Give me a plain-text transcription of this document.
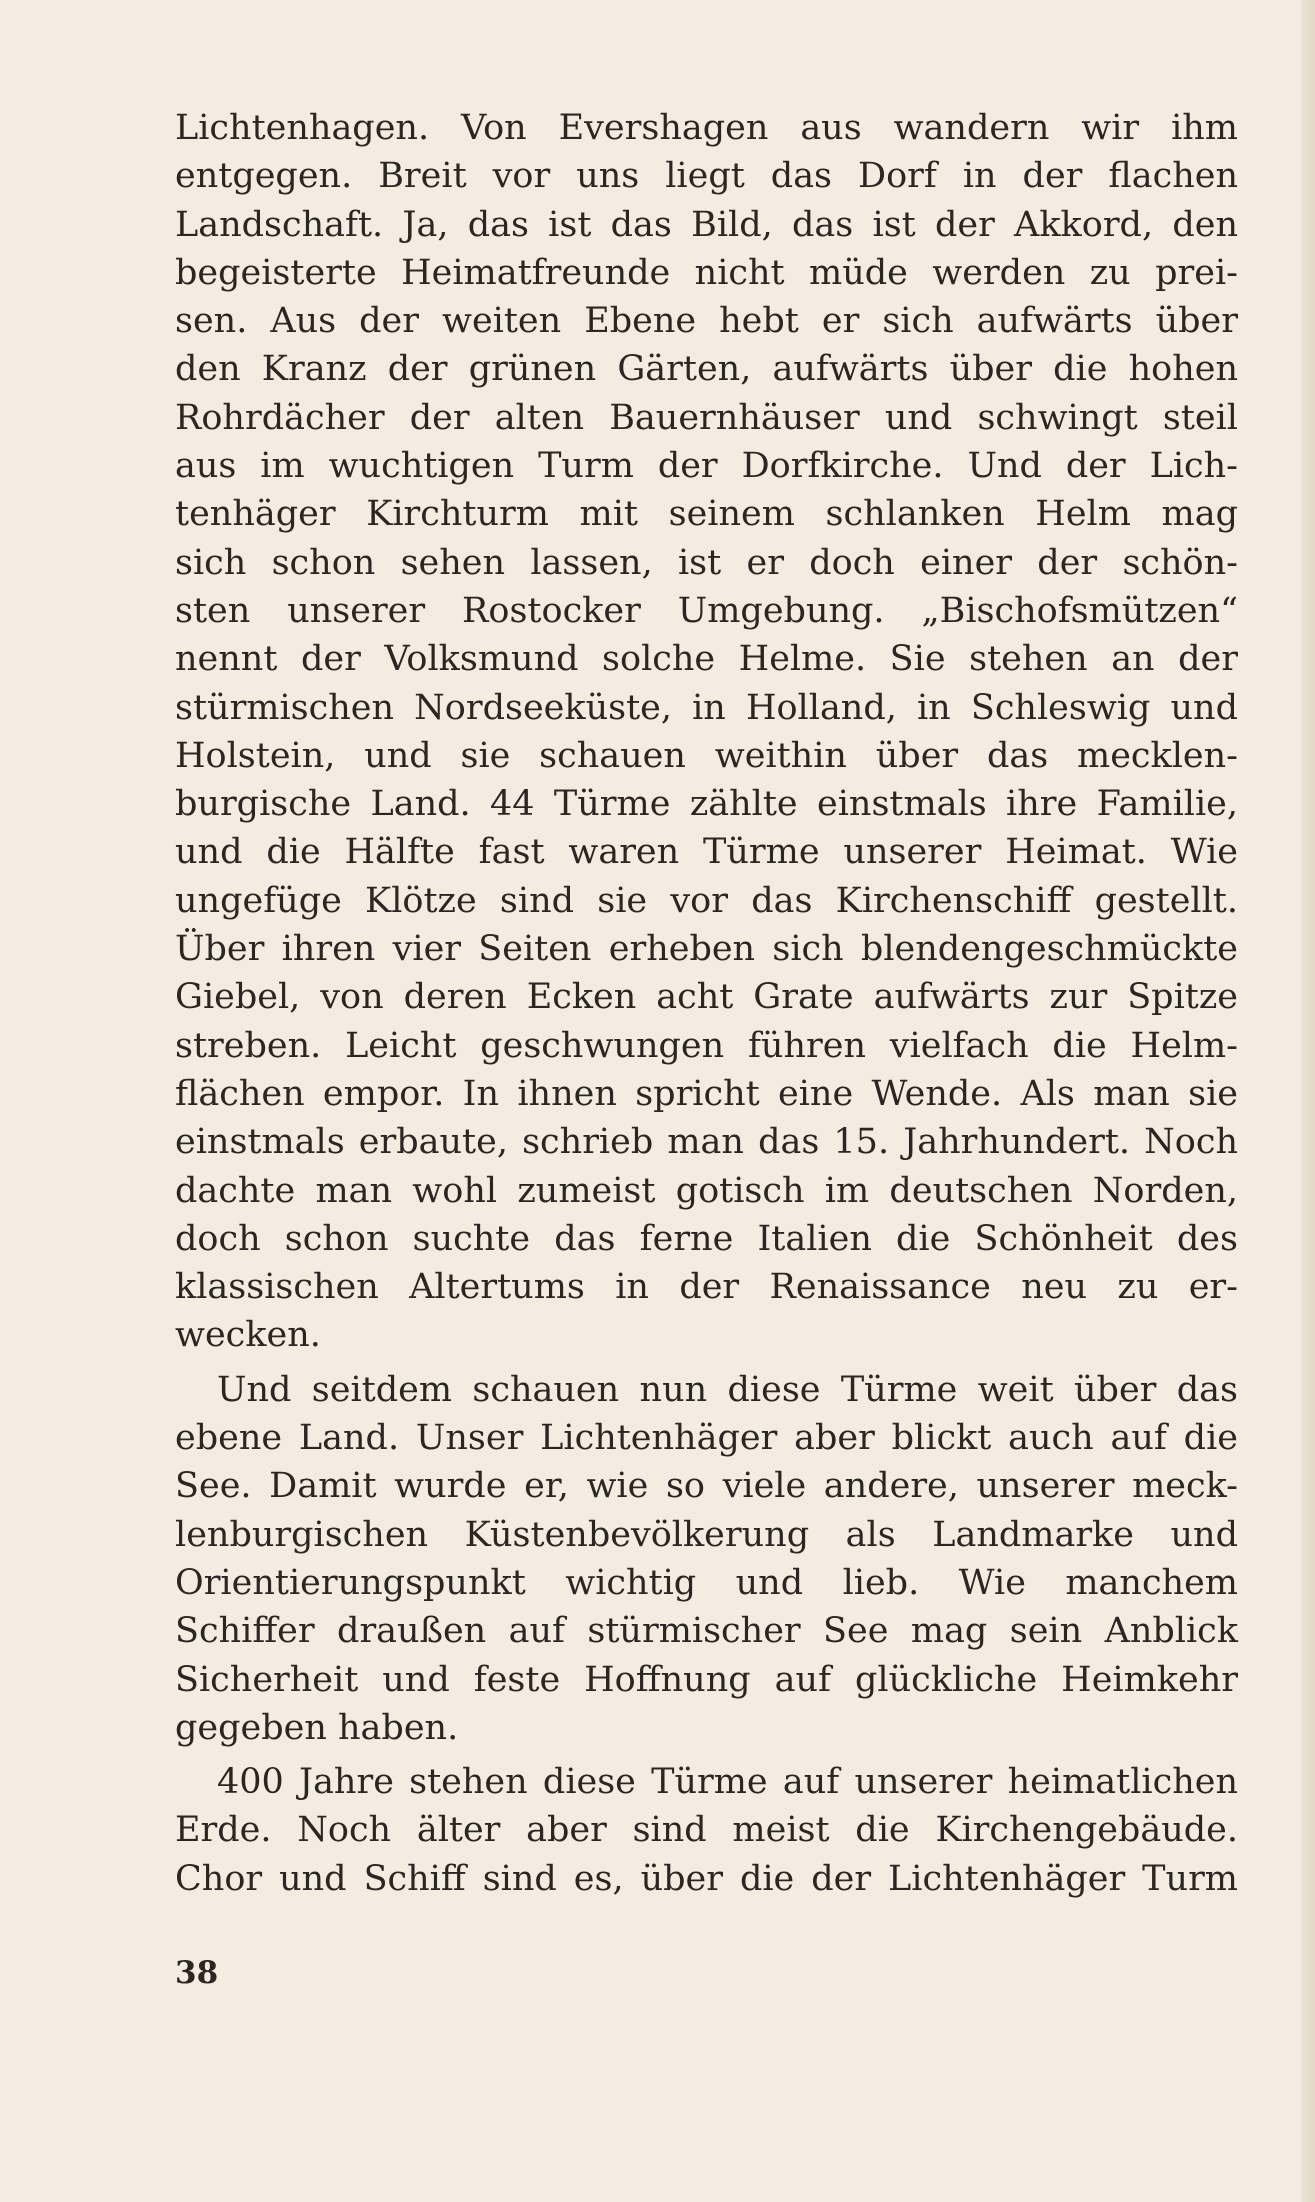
Lichtenhagen. Von Evershagen aus wandern wir ihm
entgegen. Breit vor uns liegt das Dorf in der flachen
Landschaft. Ja, das ist das Bild, das ist der Akkord, den
begeisterte Heimatfreunde nicht müde werden zu prei-
sen. Aus der weiten Ebene hebt er sich aufwärts über
den Kranz der grünen Gärten, aufwärts über die hohen
Rohrdächer der alten Bauernhäuser und schwingt steil
aus im wuchtigen Turm der Dorfkirche. Und der Lich-
tenhäger Kirchturm mit seinem schlanken Helm mag
sich schon sehen lassen, ist er doch einer der schön-
sten unserer Rostocker Umgebung. „Bischofsmützen“
nennt der Volksmund solche Helme. Sie stehen an der
stürmischen Nordseeküste, in Holland, in Schleswig und
Holstein, und sie schauen weithin über das mecklen-
burgische Land. 44 Türme zählte einstmals ihre Familie,
und die Hälfte fast waren Türme unserer Heimat. Wie
ungefüge Klötze sind sie vor das Kirchenschiff gestellt.
Über ihren vier Seiten erheben sich blendengeschmückte
Giebel, von deren Ecken acht Grate aufwärts zur Spitze
streben. Leicht geschwungen führen vielfach die Helm-
flächen empor. In ihnen spricht eine Wende. Als man sie
einstmals erbaute, schrieb man das 15. Jahrhundert. Noch
dachte man wohl zumeist gotisch im deutschen Norden,
doch schon suchte das ferne Italien die Schönheit des
klassischen Altertums in der Renaissance neu zu er-
wecken.
Und seitdem schauen nun diese Türme weit über das
ebene Land. Unser Lichtenhäger aber blickt auch auf die
See. Damit wurde er, wie so viele andere, unserer meck-
lenburgischen Küstenbevölkerung als Landmarke und
Orientierungspunkt wichtig und lieb. Wie manchem
Schiffer draußen auf stürmischer See mag sein Anblick
Sicherheit und feste Hoffnung auf glückliche Heimkehr
gegeben haben.
400 Jahre stehen diese Türme auf unserer heimatlichen
Erde. Noch älter aber sind meist die Kirchengebäude.
Chor und Schiff sind es, über die der Lichtenhäger Turm
38
